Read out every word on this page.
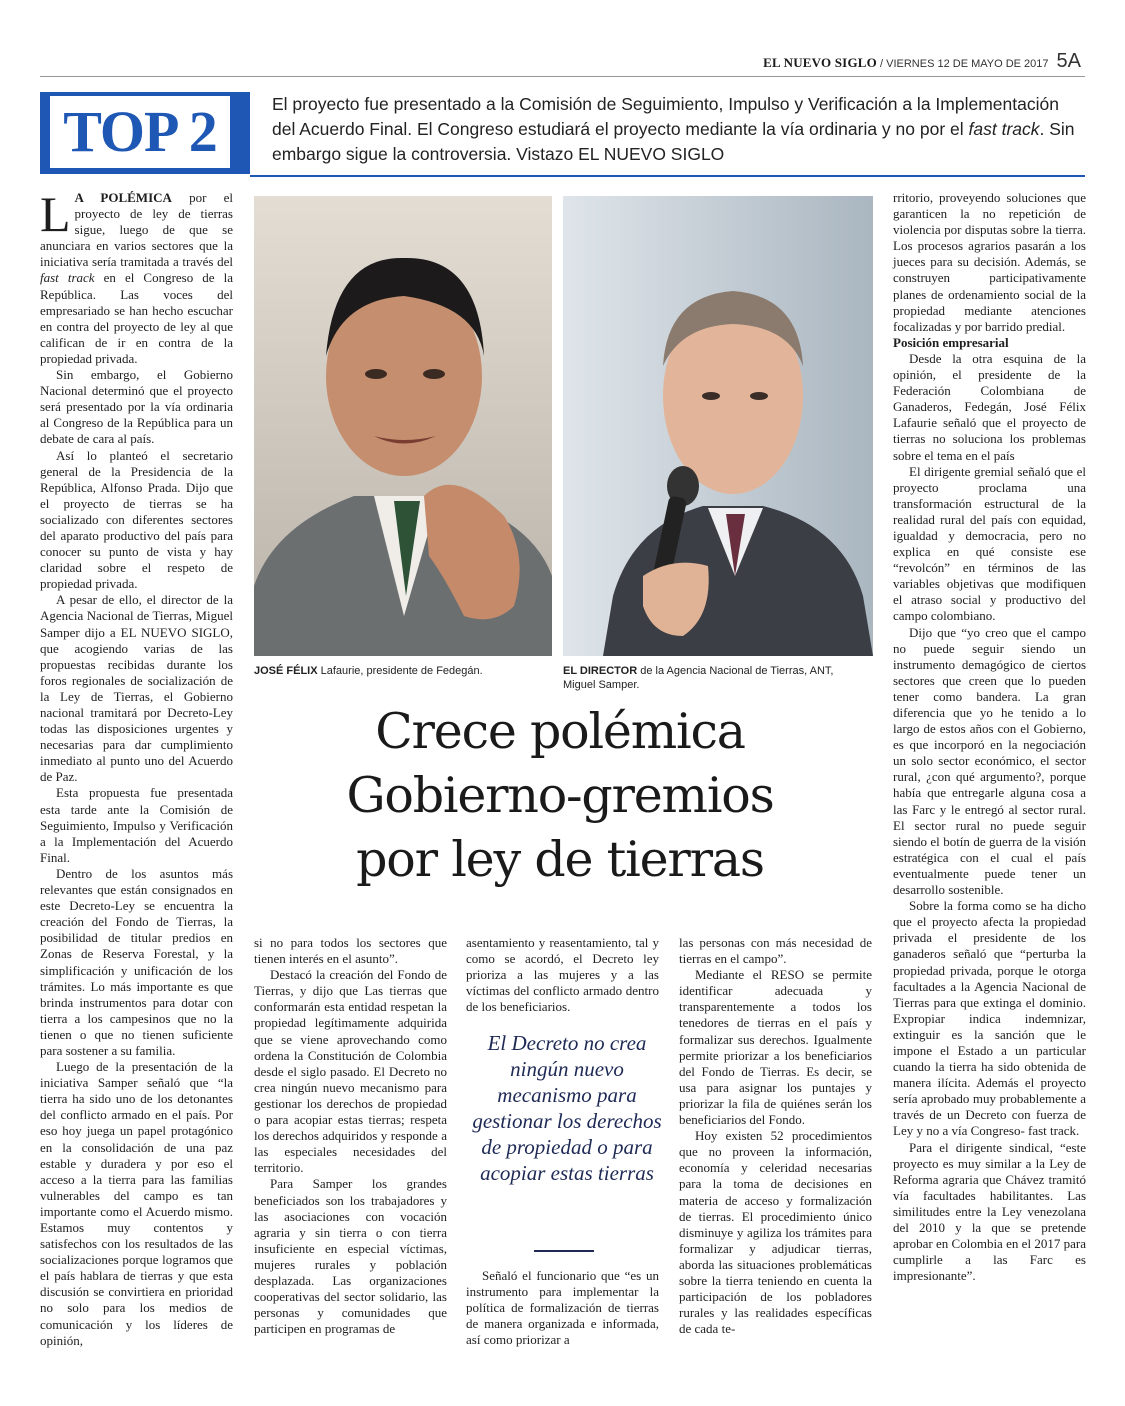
EL NUEVO SIGLO / VIERNES 12 DE MAYO DE 2017 5A
TOP 2	El proyecto fue presentado a la Comisión de Seguimiento, Impulso y Verificación a la Implementación del Acuerdo Final. El Congreso estudiará el proyecto mediante la vía ordinaria y no por el fast track. Sin embargo sigue la controversia. Vistazo EL NUEVO SIGLO

L A POLÉMICA por el proyecto de ley de tierras sigue, luego de que se anunciara en varios sectores que la iniciativa sería tramitada a través del fast track en el Congreso de la República. Las voces del empresariado se han hecho escuchar en contra del proyecto de ley al que califican de ir en contra de la propiedad privada.

Sin embargo, el Gobierno Nacional determinó que el proyecto será presentado por la vía ordinaria al Congreso de la República para un debate de cara al país.

Así lo planteó el secretario general de la Presidencia de la República, Alfonso Prada. Dijo que el proyecto de tierras se ha socializado con diferentes sectores del aparato productivo del país para conocer su punto de vista y hay claridad sobre el respeto de propiedad privada.

A pesar de ello, el director de la Agencia Nacional de Tierras, Miguel Samper dijo a EL NUEVO SIGLO, que acogiendo varias de las propuestas recibidas durante los foros regionales de socialización de la Ley de Tierras, el Gobierno nacional tramitará por Decreto-Ley todas las disposiciones urgentes y necesarias para dar cumplimiento inmediato al punto uno del Acuerdo de Paz.

Esta propuesta fue presentada esta tarde ante la Comisión de Seguimiento, Impulso y Verificación a la Implementación del Acuerdo Final.

Dentro de los asuntos más relevantes que están consignados en este Decreto-Ley se encuentra la creación del Fondo de Tierras, la posibilidad de titular predios en Zonas de Reserva Forestal, y la simplificación y unificación de los trámites. Lo más importante es que brinda instrumentos para dotar con tierra a los campesinos que no la tienen o que no tienen suficiente para sostener a su familia.

Luego de la presentación de la iniciativa Samper señaló que “la tierra ha sido uno de los detonantes del conflicto armado en el país. Por eso hoy juega un papel protagónico en la consolidación de una paz estable y duradera y por eso el acceso a la tierra para las familias vulnerables del campo es tan importante como el Acuerdo mismo. Estamos muy contentos y satisfechos con los resultados de las socializaciones porque logramos que el país hablara de tierras y que esta discusión se convirtiera en prioridad no solo para los medios de comunicación y los líderes de opinión,

JOSÉ FÉLIX Lafaurie, presidente de Fedegán.	EL DIRECTOR de la Agencia Nacional de Tierras, ANT, Miguel Samper.
Crece polémica
Gobierno-gremios
por ley de tierras

si no para todos los sectores que tienen interés en el asunto”.

Destacó la creación del Fondo de Tierras, y dijo que Las tierras que conformarán esta entidad respetan la propiedad legítimamente adquirida que se viene aprovechando como ordena la Constitución de Colombia desde el siglo pasado. El Decreto no crea ningún nuevo mecanismo para gestionar los derechos de propiedad o para acopiar estas tierras; respeta los derechos adquiridos y responde a las especiales necesidades del territorio.

Para Samper los grandes beneficiados son los trabajadores y las asociaciones con vocación agraria y sin tierra o con tierra insuficiente en especial víctimas, mujeres rurales y población desplazada. Las organizaciones cooperativas del sector solidario, las personas y comunidades que participen en programas de

asentamiento y reasentamiento, tal y como se acordó, el Decreto ley prioriza a las mujeres y a las víctimas del conflicto armado dentro de los beneficiarios.

El Decreto no crea ningún nuevo mecanismo para gestionar los derechos de propiedad o para acopiar estas tierras

Señaló el funcionario que “es un instrumento para implementar la política de formalización de tierras de manera organizada e informada, así como priorizar a

las personas con más necesidad de tierras en el campo”.

Mediante el RESO se permite identificar adecuada y transparentemente a todos los tenedores de tierras en el país y formalizar sus derechos. Igualmente permite priorizar a los beneficiarios del Fondo de Tierras. Es decir, se usa para asignar los puntajes y priorizar la fila de quiénes serán los beneficiarios del Fondo.

Hoy existen 52 procedimientos que no proveen la información, economía y celeridad necesarias para la toma de decisiones en materia de acceso y formalización de tierras. El procedimiento único disminuye y agiliza los trámites para formalizar y adjudicar tierras, aborda las situaciones problemáticas sobre la tierra teniendo en cuenta la participación de los pobladores rurales y las realidades específicas de cada te-

rritorio, proveyendo soluciones que garanticen la no repetición de violencia por disputas sobre la tierra. Los procesos agrarios pasarán a los jueces para su decisión. Además, se construyen participativamente planes de ordenamiento social de la propiedad mediante atenciones focalizadas y por barrido predial.

Posición empresarial

Desde la otra esquina de la opinión, el presidente de la Federación Colombiana de Ganaderos, Fedegán, José Félix Lafaurie señaló que el proyecto de tierras no soluciona los problemas sobre el tema en el país

El dirigente gremial señaló que el proyecto proclama una transformación estructural de la realidad rural del país con equidad, igualdad y democracia, pero no explica en qué consiste ese “revolcón” en términos de las variables objetivas que modifiquen el atraso social y productivo del campo colombiano.

Dijo que “yo creo que el campo no puede seguir siendo un instrumento demagógico de ciertos sectores que creen que lo pueden tener como bandera. La gran diferencia que yo he tenido a lo largo de estos años con el Gobierno, es que incorporó en la negociación un solo sector económico, el sector rural, ¿con qué argumento?, porque había que entregarle alguna cosa a las Farc y le entregó al sector rural. El sector rural no puede seguir siendo el botín de guerra de la visión estratégica con el cual el país eventualmente puede tener un desarrollo sostenible.

Sobre la forma como se ha dicho que el proyecto afecta la propiedad privada el presidente de los ganaderos señaló que “perturba la propiedad privada, porque le otorga facultades a la Agencia Nacional de Tierras para que extinga el dominio. Expropiar indica indemnizar, extinguir es la sanción que le impone el Estado a un particular cuando la tierra ha sido obtenida de manera ilícita. Además el proyecto sería aprobado muy probablemente a través de un Decreto con fuerza de Ley y no a vía Congreso- fast track.

Para el dirigente sindical, “este proyecto es muy similar a la Ley de Reforma agraria que Chávez tramitó vía facultades habilitantes. Las similitudes entre la Ley venezolana del 2010 y la que se pretende aprobar en Colombia en el 2017 para cumplirle a las Farc es impresionante”.
